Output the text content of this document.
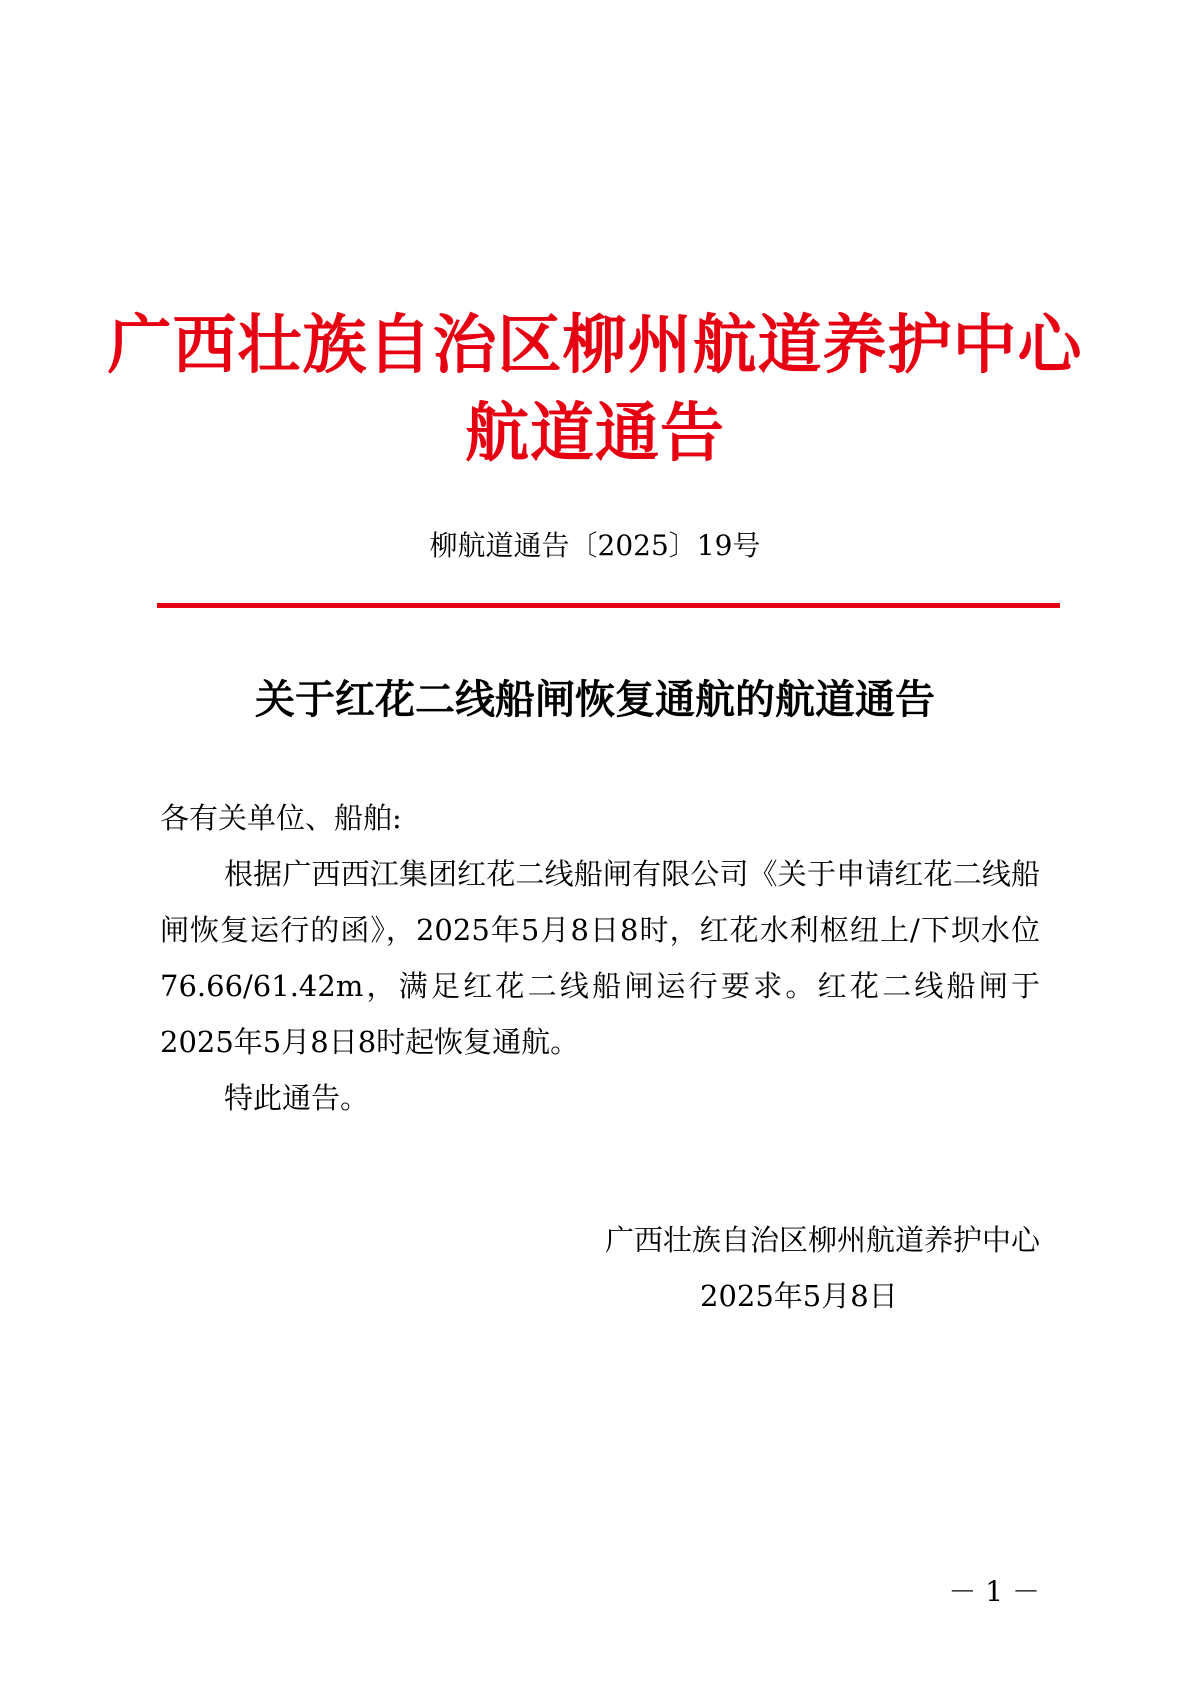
广西壮族自治区柳州航道养护中心
航道通告
柳航道通告〔2025〕19号
关于红花二线船闸恢复通航的航道通告
各有关单位、船舶:
根据广西西江集团红花二线船闸有限公司《关于申请红花二线船闸恢复运行的函》，2025年5月8日8时，红花水利枢纽上/下坝水位76.66/61.42m，满足红花二线船闸运行要求。红花二线船闸于2025年5月8日8时起恢复通航。
特此通告。
广西壮族自治区柳州航道养护中心
2025年5月8日
－ 1 －
